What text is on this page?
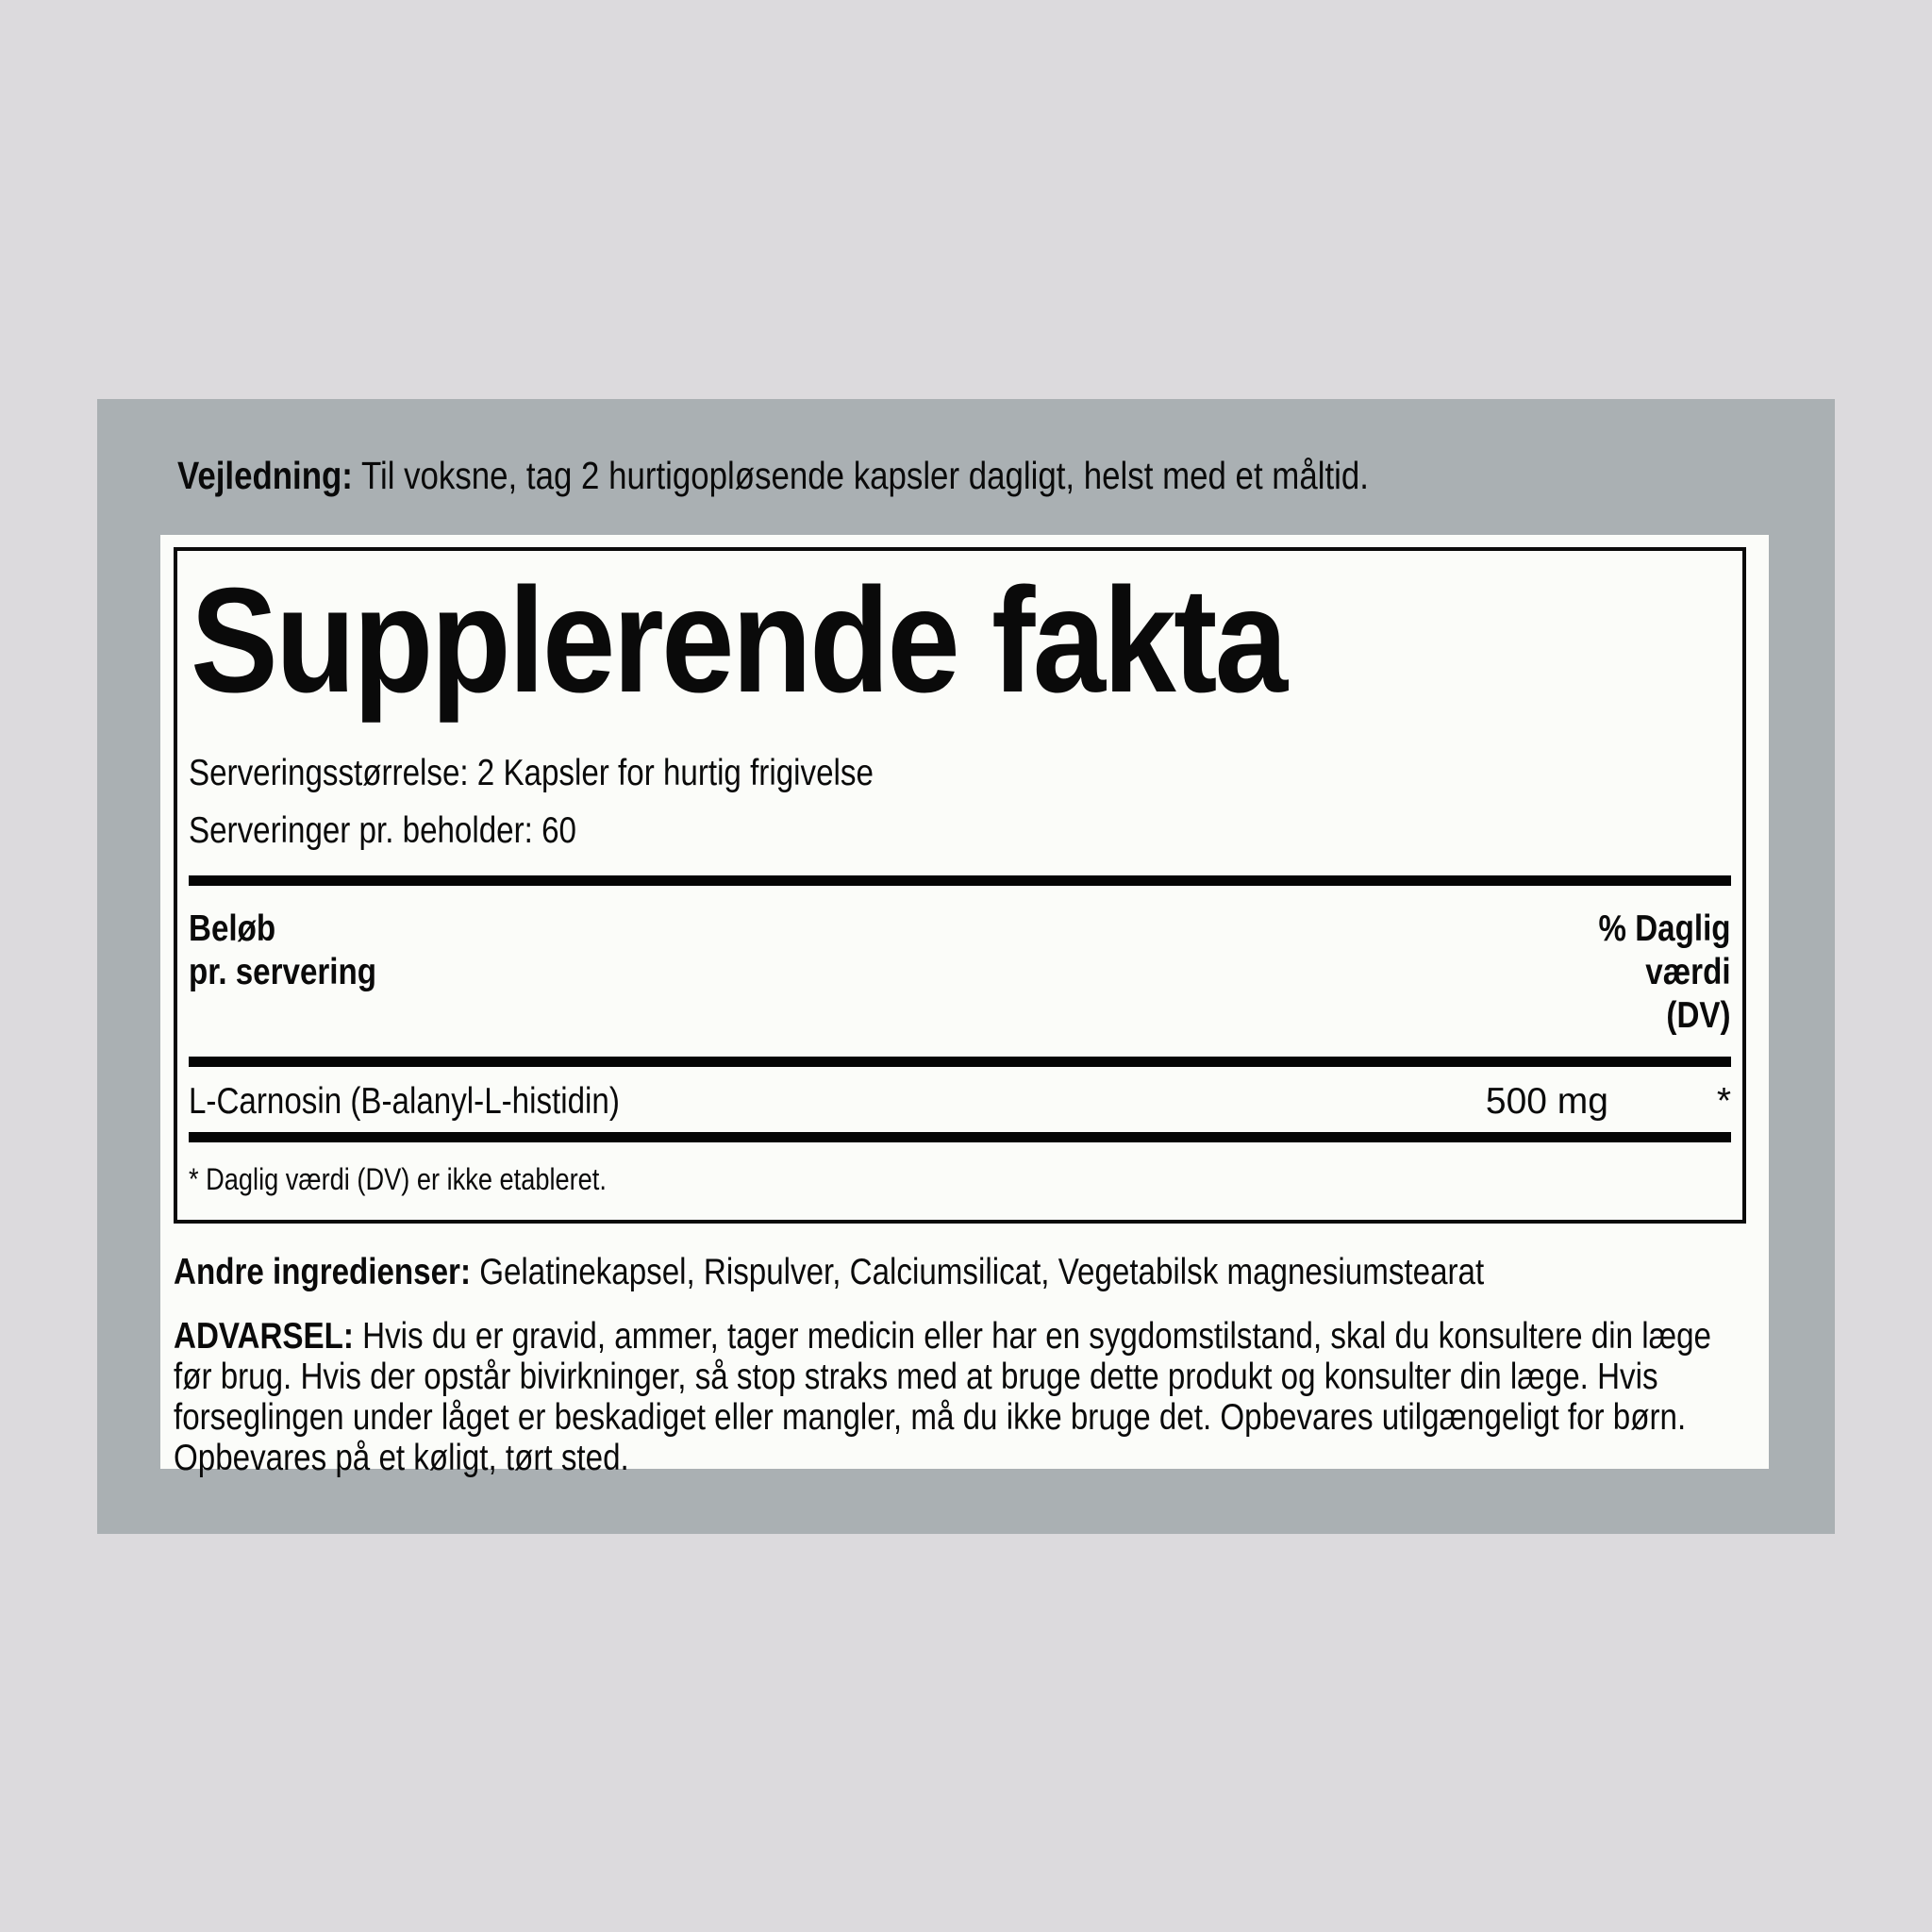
Vejledning: Til voksne, tag 2 hurtigopløsende kapsler dagligt, helst med et måltid.
Supplerende fakta
Serveringsstørrelse: 2 Kapsler for hurtig frigivelse
Serveringer pr. beholder: 60
Beløb
pr. servering
% Daglig
værdi
(DV)
L-Carnosin (B-alanyl-L-histidin)	500 mg	*
* Daglig værdi (DV) er ikke etableret.
Andre ingredienser: Gelatinekapsel, Rispulver, Calciumsilicat, Vegetabilsk magnesiumstearat
ADVARSEL: Hvis du er gravid, ammer, tager medicin eller har en sygdomstilstand, skal du konsultere din læge før brug. Hvis der opstår bivirkninger, så stop straks med at bruge dette produkt og konsulter din læge. Hvis forseglingen under låget er beskadiget eller mangler, må du ikke bruge det. Opbevares utilgængeligt for børn. Opbevares på et køligt, tørt sted.
